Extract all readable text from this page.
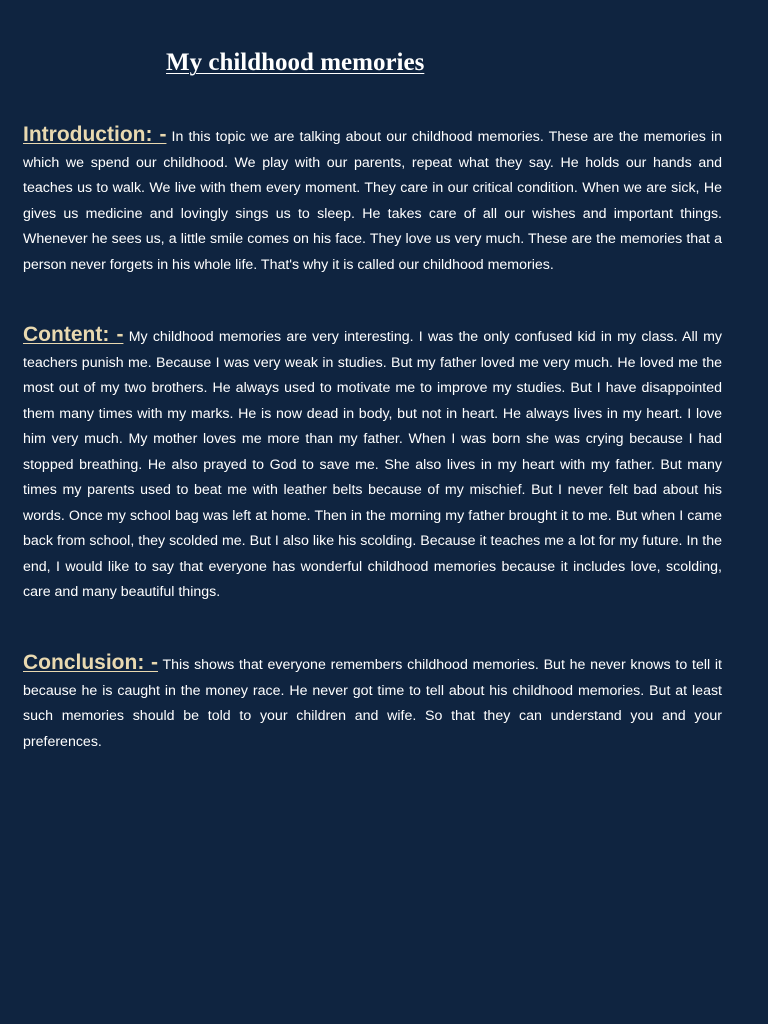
My childhood memories

Introduction: - In this topic we are talking about our childhood memories. These are the memories in which we spend our childhood. We play with our parents, repeat what they say. He holds our hands and teaches us to walk. We live with them every moment. They care in our critical condition. When we are sick, He gives us medicine and lovingly sings us to sleep. He takes care of all our wishes and important things. Whenever he sees us, a little smile comes on his face. They love us very much. These are the memories that a person never forgets in his whole life. That's why it is called our childhood memories.

Content: - My childhood memories are very interesting. I was the only confused kid in my class. All my teachers punish me. Because I was very weak in studies. But my father loved me very much. He loved me the most out of my two brothers. He always used to motivate me to improve my studies. But I have disappointed them many times with my marks. He is now dead in body, but not in heart. He always lives in my heart. I love him very much. My mother loves me more than my father. When I was born she was crying because I had stopped breathing. He also prayed to God to save me. She also lives in my heart with my father. But many times my parents used to beat me with leather belts because of my mischief. But I never felt bad about his words. Once my school bag was left at home. Then in the morning my father brought it to me. But when I came back from school, they scolded me. But I also like his scolding. Because it teaches me a lot for my future. In the end, I would like to say that everyone has wonderful childhood memories because it includes love, scolding, care and many beautiful things.

Conclusion: - This shows that everyone remembers childhood memories. But he never knows to tell it because he is caught in the money race. He never got time to tell about his childhood memories. But at least such memories should be told to your children and wife. So that they can understand you and your preferences.
